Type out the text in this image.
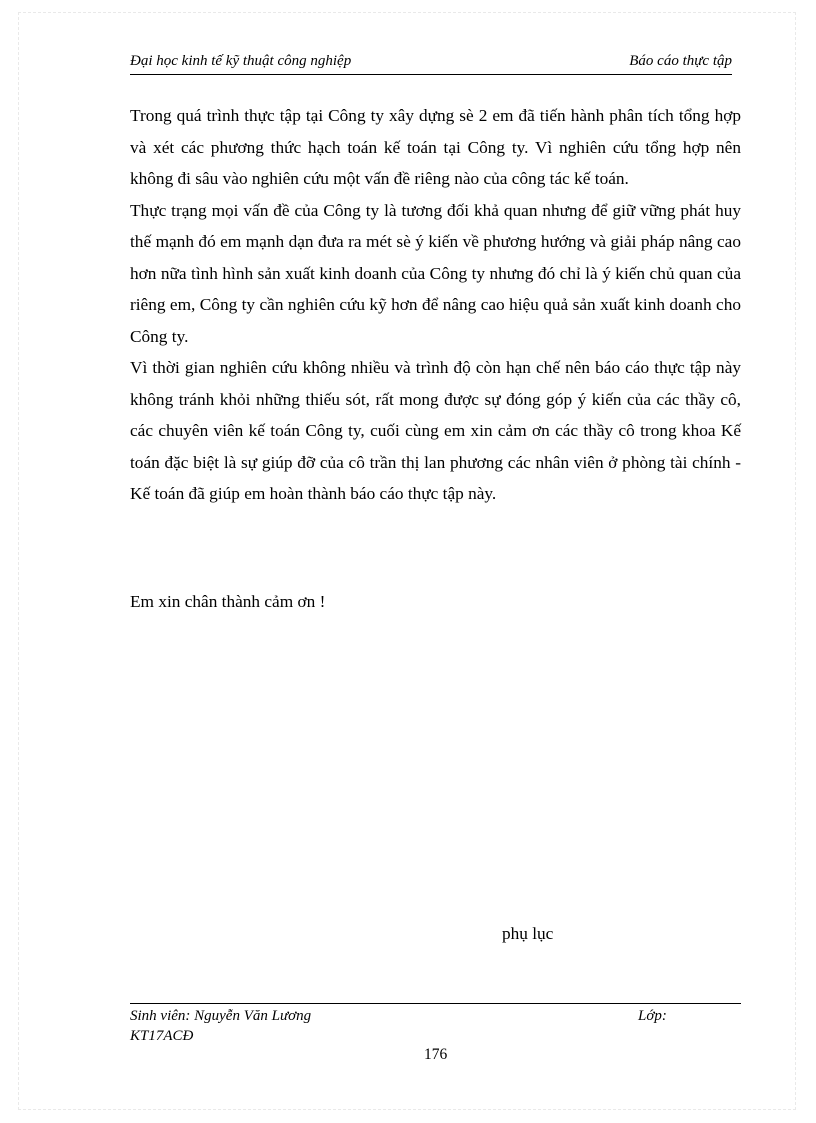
Đại học kinh tế kỹ thuật công nghiệp	Báo cáo thực tập

Trong quá trình thực tập tại Công ty xây dựng sè 2 em đã tiến hành phân tích tổng hợp và xét các phương thức hạch toán kế toán tại Công ty. Vì nghiên cứu tổng hợp nên không đi sâu vào nghiên cứu một vấn đề riêng nào của công tác kế toán.

Thực trạng mọi vấn đề của Công ty là tương đối khả quan nhưng để giữ vững phát huy thế mạnh đó em mạnh dạn đưa ra mét sè ý kiến về phương hướng và giải pháp nâng cao hơn nữa tình hình sản xuất kinh doanh của Công ty nhưng đó chỉ là ý kiến chủ quan của riêng em, Công ty cần nghiên cứu kỹ hơn để nâng cao hiệu quả sản xuất kinh doanh cho Công ty.

Vì thời gian nghiên cứu không nhiều và trình độ còn hạn chế nên báo cáo thực tập này không tránh khỏi những thiếu sót, rất mong được sự đóng góp ý kiến của các thầy cô, các chuyên viên kế toán Công ty, cuối cùng em xin cảm ơn các thầy cô trong khoa Kế toán đặc biệt là sự giúp đỡ của cô trần thị lan phương các nhân viên ở phòng tài chính - Kế toán đã giúp em hoàn thành báo cáo thực tập này.

Em xin chân thành cảm ơn !
phụ lục
Sinh viên: Nguyễn Văn Lương	Lớp:
KT17ACĐ
176
